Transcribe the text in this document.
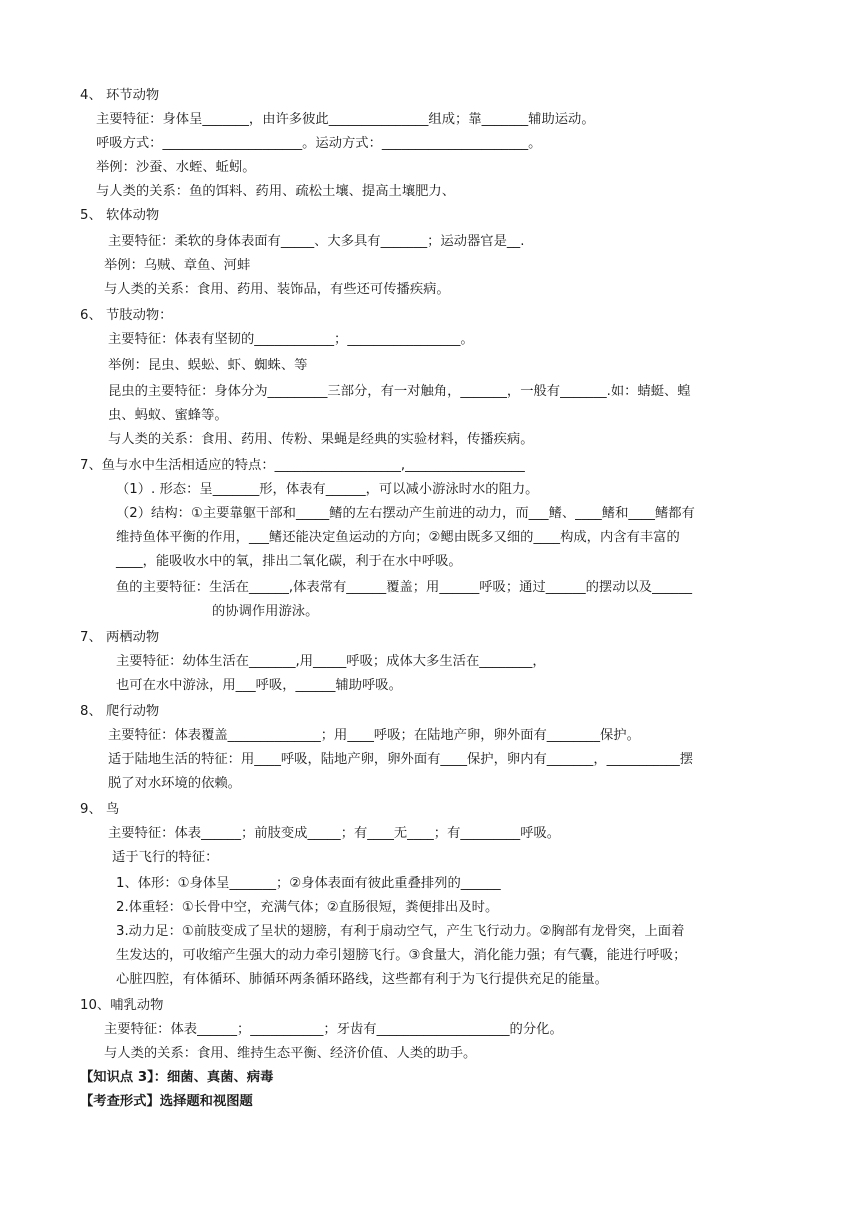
4、 环节动物
主要特征：身体呈_______，由许多彼此_______________组成；靠_______辅助运动。
呼吸方式：_____________________。运动方式：______________________。
举例：沙蚕、水蛭、蚯蚓。
与人类的关系：鱼的饵料、药用、疏松土壤、提高土壤肥力、
5、 软体动物
主要特征：柔软的身体表面有_____、大多具有_______；运动器官是__.
举例：乌贼、章鱼、河蚌
与人类的关系：食用、药用、装饰品，有些还可传播疾病。
6、 节肢动物：
主要特征：体表有坚韧的____________；_________________。
举例：昆虫、蜈蚣、虾、蜘蛛、等
昆虫的主要特征：身体分为_________三部分，有一对触角，_______，一般有_______.如：蜻蜓、蝗
虫、蚂蚁、蜜蜂等。
与人类的关系：食用、药用、传粉、果蝇是经典的实验材料，传播疾病。
7、鱼与水中生活相适应的特点：___________________,__________________
（1）. 形态：呈_______形，体表有______，可以减小游泳时水的阻力。
（2）结构：①主要靠躯干部和_____鳍的左右摆动产生前进的动力，而___鳍、____鳍和____鳍都有
维持鱼体平衡的作用，___鳍还能决定鱼运动的方向；②鳃由既多又细的____构成，内含有丰富的
____，能吸收水中的氧，排出二氧化碳，利于在水中呼吸。
鱼的主要特征：生活在______,体表常有______覆盖；用______呼吸；通过______的摆动以及______
的协调作用游泳。
7、 两栖动物
主要特征：幼体生活在_______,用_____呼吸；成体大多生活在________，
也可在水中游泳，用___呼吸，______辅助呼吸。
8、 爬行动物
主要特征：体表覆盖______________；用____呼吸；在陆地产卵，卵外面有________保护。
适于陆地生活的特征：用____呼吸，陆地产卵，卵外面有____保护，卵内有_______，___________摆
脱了对水环境的依赖。
9、 鸟
主要特征：体表______；前肢变成_____；有____无____；有_________呼吸。
适于飞行的特征：
1、体形：①身体呈_______；②身体表面有彼此重叠排列的______
2.体重轻：①长骨中空，充满气体；②直肠很短，粪便排出及时。
3.动力足：①前肢变成了呈状的翅膀，有利于扇动空气，产生飞行动力。②胸部有龙骨突，上面着
生发达的，可收缩产生强大的动力牵引翅膀飞行。③食量大，消化能力强；有气囊，能进行呼吸；
心脏四腔，有体循环、肺循环两条循环路线，这些都有利于为飞行提供充足的能量。
10、哺乳动物
主要特征：体表______；___________；牙齿有____________________的分化。
与人类的关系：食用、维持生态平衡、经济价值、人类的助手。
【知识点 3】：细菌、真菌、病毒
【考查形式】选择题和视图题
